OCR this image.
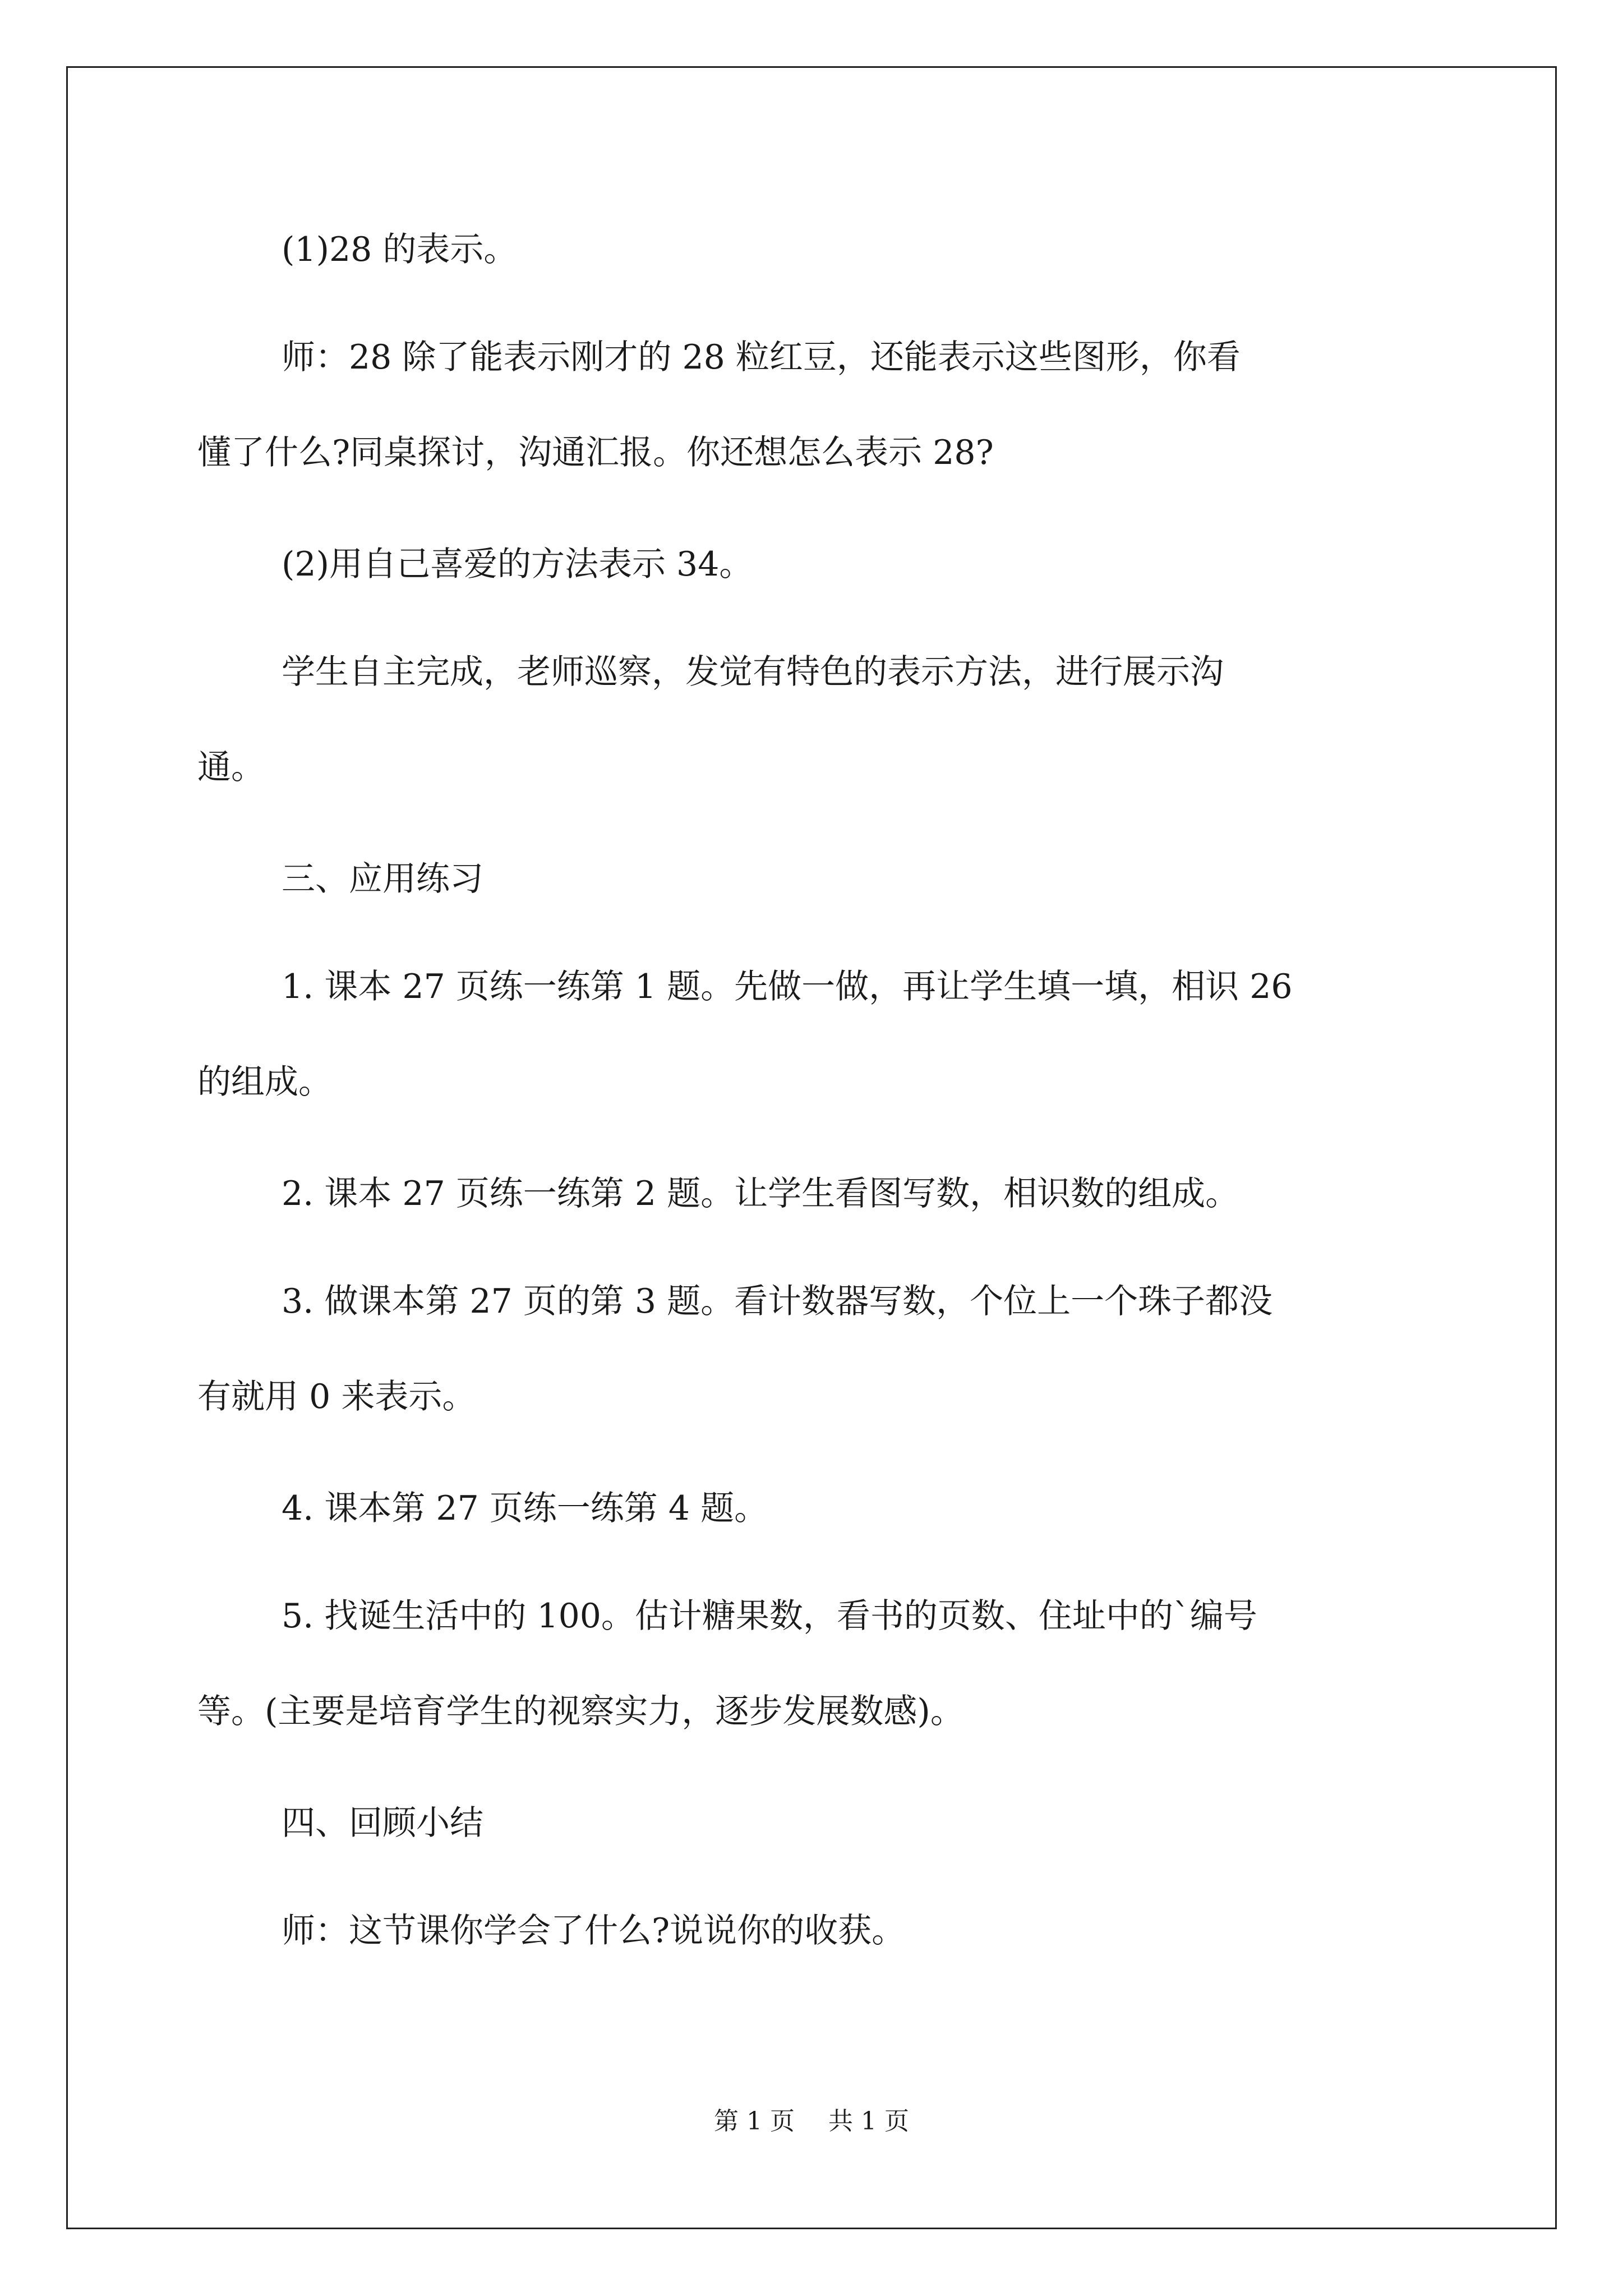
(1)28 的表示。

师：28 除了能表示刚才的 28 粒红豆，还能表示这些图形，你看
懂了什么?同桌探讨，沟通汇报。你还想怎么表示 28?

(2)用自己喜爱的方法表示 34。

学生自主完成，老师巡察，发觉有特色的表示方法，进行展示沟
通。

三、应用练习

1. 课本 27 页练一练第 1 题。先做一做，再让学生填一填，相识 26
的组成。

2. 课本 27 页练一练第 2 题。让学生看图写数，相识数的组成。

3. 做课本第 27 页的第 3 题。看计数器写数，个位上一个珠子都没
有就用 0 来表示。

4. 课本第 27 页练一练第 4 题。

5. 找诞生活中的 100。估计糖果数，看书的页数、住址中的`编号
等。(主要是培育学生的视察实力，逐步发展数感)。

四、回顾小结

师：这节课你学会了什么?说说你的收获。

第 1 页 共 1 页
